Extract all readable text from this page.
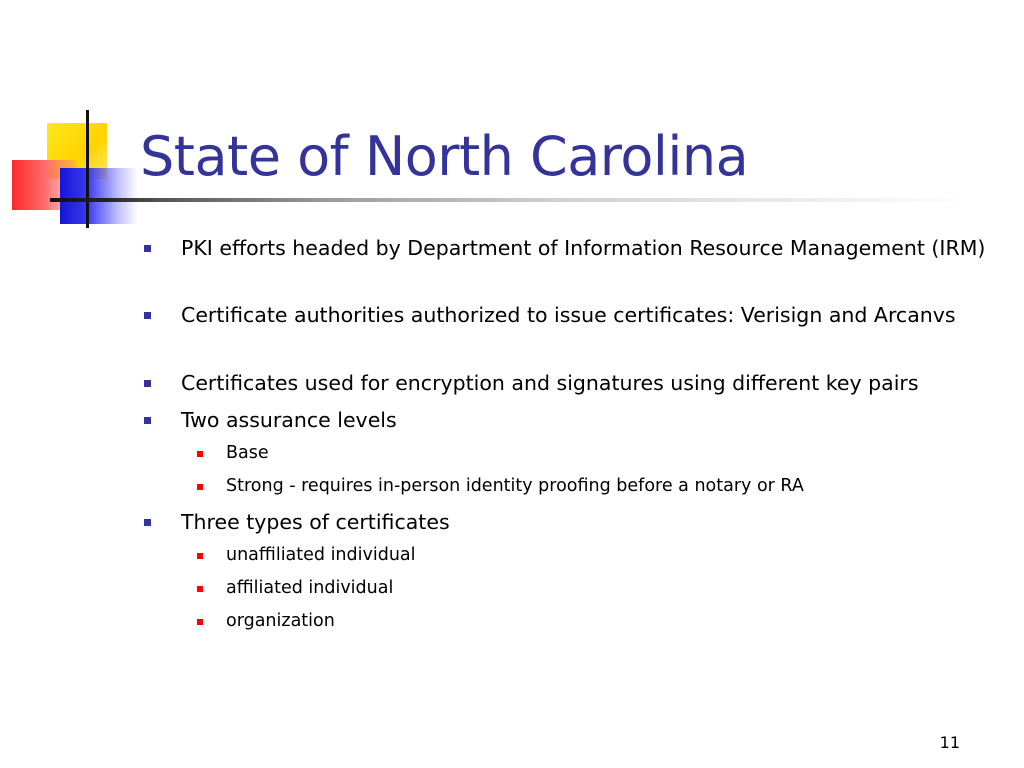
State of North Carolina
PKI efforts headed by Department of Information Resource Management (IRM)
Certificate authorities authorized to issue certificates: Verisign and Arcanvs
Certificates used for encryption and signatures using different key pairs
Two assurance levels
Base
Strong - requires in-person identity proofing before a notary or RA
Three types of certificates
unaffiliated individual
affiliated individual
organization
11
